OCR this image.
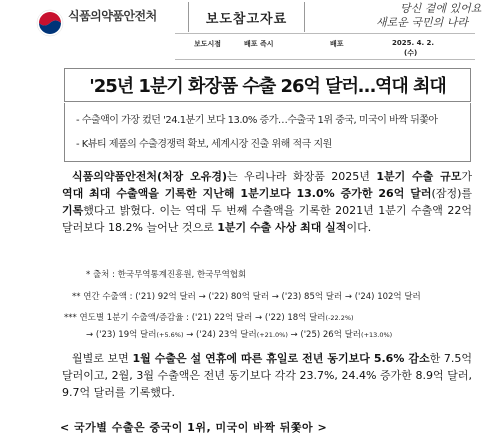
식품의약품안전처	보도참고자료
당신 곁에 있어요
새로운 국민의 나라
보도시점	배포 즉시	배포	2025. 4. 2.
(수)
'25년 1분기 화장품 수출 26억 달러…역대 최대
- 수출액이 가장 컸던 '24.1분기 보다 13.0% 증가…수출국 1위 중국, 미국이 바짝 뒤쫓아
- K뷰티 제품의 수출경쟁력 확보, 세계시장 진출 위해 적극 지원
식품의약품안전처(처장 오유경)는 우리나라 화장품 2025년 1분기 수출 규모가 역대 최대 수출액을 기록한 지난해 1분기보다 13.0% 증가한 26억 달러(잠정)를 기록했다고 밝혔다. 이는 역대 두 번째 수출액을 기록한 2021년 1분기 수출액 22억 달러보다 18.2% 늘어난 것으로 1분기 수출 사상 최대 실적이다.
* 출처 : 한국무역통계진흥원, 한국무역협회
** 연간 수출액 : ('21) 92억 달러 → ('22) 80억 달러 → ('23) 85억 달러 → ('24) 102억 달러
*** 연도별 1분기 수출액/증감율 : ('21) 22억 달러 → ('22) 18억 달러(-22.2%)
→ ('23) 19억 달러(+5.6%) → ('24) 23억 달러(+21.0%) → ('25) 26억 달러(+13.0%)
월별로 보면 1월 수출은 설 연휴에 따른 휴일로 전년 동기보다 5.6% 감소한 7.5억 달러이고, 2월, 3월 수출액은 전년 동기보다 각각 23.7%, 24.4% 증가한 8.9억 달러, 9.7억 달러를 기록했다.
< 국가별 수출은 중국이 1위, 미국이 바짝 뒤쫓아 >
